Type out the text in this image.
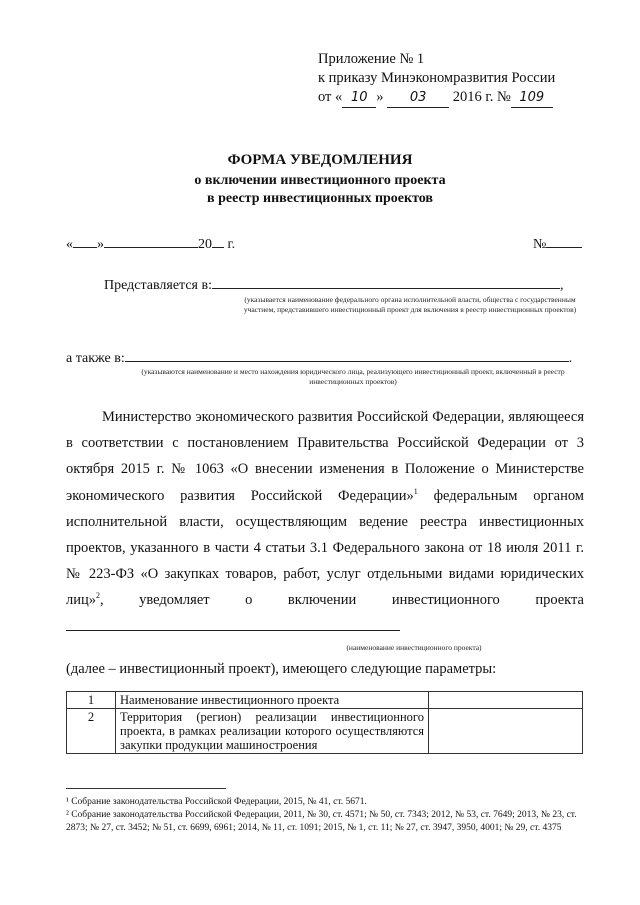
Приложение № 1
к приказу Минэкономразвития России
от « 10 » 03 2016 г. № 109
ФОРМА УВЕДОМЛЕНИЯ
о включении инвестиционного проекта
в реестр инвестиционных проектов
« »	20 г.	№
Представляется в:	,
(указывается наименование федерального органа исполнительной власти, общества с государственным участием, представившего инвестиционный проект для включения в реестр инвестиционных проектов)
а также в:	.
(указываются наименование и место нахождения юридического лица, реализующего инвестиционный проект, включенный в реестр инвестиционных проектов)

Министерство экономического развития Российской Федерации, являющееся в соответствии с постановлением Правительства Российской Федерации от 3 октября 2015 г. № 1063 «О внесении изменения в Положение о Министерстве экономического развития Российской Федерации»$^1$ федеральным органом исполнительной власти, осуществляющим ведение реестра инвестиционных проектов, указанного в части 4 статьи 3.1 Федерального закона от 18 июля 2011 г. № 223-ФЗ «О закупках товаров, работ, услуг отдельными видами юридических лиц»$^2$, уведомляет о включении инвестиционного проекта

(наименование инвестиционного проекта)
(далее – инвестиционный проект), имеющего следующие параметры:
1	Наименование инвестиционного проекта	
2	Территория (регион) реализации инвестиционного проекта, в рамках реализации которого осуществляются закупки продукции машиностроения	
¹ Собрание законодательства Российской Федерации, 2015, № 41, ст. 5671.
² Собрание законодательства Российской Федерации, 2011, № 30, ст. 4571; № 50, ст. 7343; 2012, № 53, ст. 7649; 2013, № 23, ст. 2873; № 27, ст. 3452; № 51, ст. 6699, 6961; 2014, № 11, ст. 1091; 2015, № 1, ст. 11; № 27, ст. 3947, 3950, 4001; № 29, ст. 4375
